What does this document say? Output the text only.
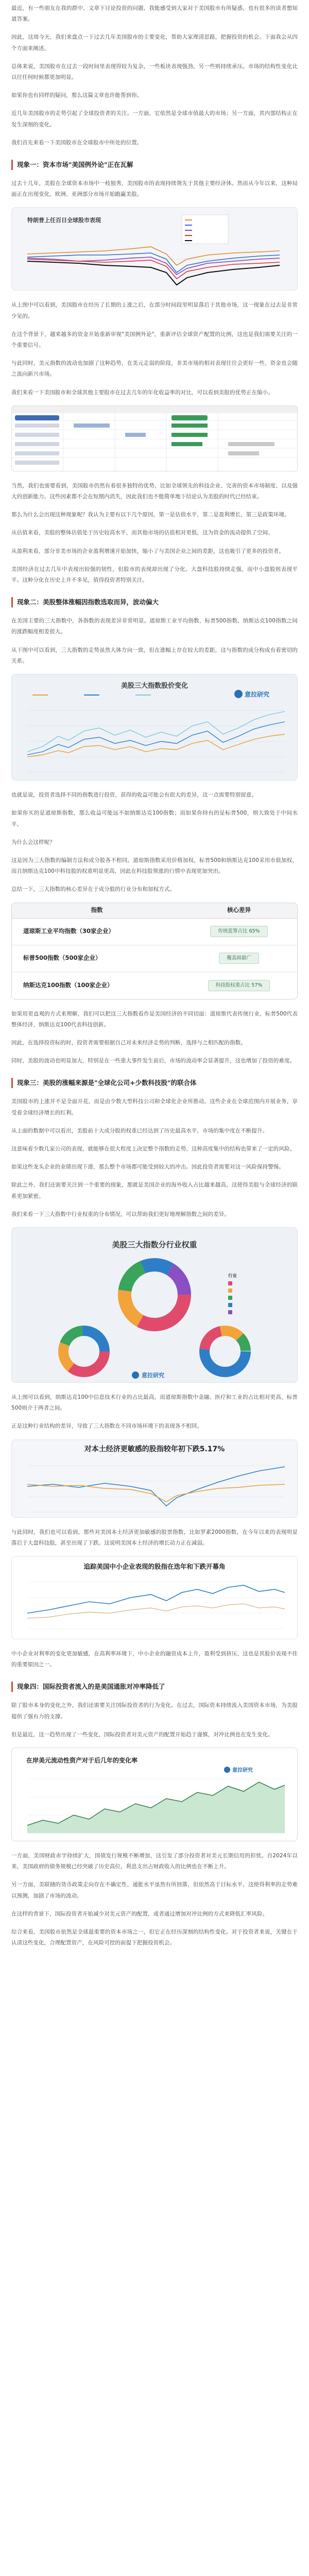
最近，有一些朋友在我的群中、文章下讨论投资的问题，我能感受到大家对于美国股市有所疑惑，也有很多的读者想知道答案。

因此，这周今天，我们来盘点一下过去几年美国股市的主要变化，帮助大家理清思路，把握投资的机会。下面我会从四个方面来阐述。

总体来说，美国股市在过去一段时间里表现得较为复杂，一些板块表现强劲，另一些则持续承压。市场的结构性变化比以往任何时候都更加明显。

如果你也有同样的疑问，那么这篇文章也许能帮到你。

近几年美国股市的走势引起了全球投资者的关注。一方面，它依然是全球市值最大的市场；另一方面，其内部结构正在发生深刻的变化。

我们首先来看一下美国股市在全球股市中所处的位置。

现象一：资本市场"美国例外论"正在瓦解

过去十几年，美股在全球资本市场中一枝独秀，美国股市的表现持续领先于其他主要经济体。然而从今年以来，这种局面正在出现变化，欧洲、亚洲部分市场开始跑赢美股。

特朗普上任百日全球股市表现

从上图中可以看到，美国股市在经历了长期的上涨之后，在部分时间段里明显落后于其他市场，这一现象在过去是非常少见的。

在这个背景下，越来越多的资金开始重新审视"美国例外论"，重新评估全球资产配置的比例，这也是我们需要关注的一个重要信号。

与此同时，美元指数的波动也加剧了这种趋势，在美元走弱的阶段，非美市场的相对表现往往会更好一些，资金也会随之流向新兴市场。

我们来看一下美国股市和全球其他主要股市在过去几年的年化收益率的对比，可以看到美股的优势正在缩小。

当然，我们也需要看到，美国股市仍然有着很多独特的优势，比如全球领先的科技企业、完善的资本市场制度、以及强大的创新能力。这些因素都不会在短期内消失，因此我们也不能简单地下结论认为美股的时代已经结束。

那么为什么会出现这种现象呢？我认为主要有以下几个原因，第一是估值水平，第二是盈利增长，第三是政策环境。

从估值来看，美股的整体估值处于历史较高水平，而其他市场的估值相对更低，这为资金的流动提供了空间。

从盈利来看，部分非美市场的企业盈利增速开始加快，缩小了与美国企业之间的差距，这也吸引了更多的投资者。

美国经济在过去几年中表现出较强的韧性，但股市的表现却出现了分化。大盘科技股持续走强，而中小盘股则表现平平。这种分化在历史上并不多见，值得投资者特别关注。

现象二：美股整体涨幅因指数选取而异，波动偏大

在美国主要的三大指数中，各指数的表现差异非常明显。道琼斯工业平均指数、标普500指数、纳斯达克100指数之间的涨跌幅度相差很大。

从下图中可以看到，三大指数的走势虽然大体方向一致，但在涨幅上存在较大的差距，这与指数的成分构成有着密切的关系。

美股三大指数股价变化
意拉研究

也就是说，投资者选择不同的指数进行投资，获得的收益可能会有很大的差异，这一点需要特别留意。

如果你买的是道琼斯指数，那么收益可能远不如纳斯达克100指数；而如果你持有的是标普500，则大致处于中间水平。

为什么会这样呢？

这是因为三大指数的编制方法和成分股各不相同。道琼斯指数采用价格加权，标普500和纳斯达克100采用市值加权，而且纳斯达克100中科技股的权重明显更高，因此在科技股领涨的行情中表现更加突出。

总结一下，三大指数的核心差异在于成分股的行业分布和加权方式。

指数	核心差异
道琼斯工业平均指数（30家企业）	传统蓝筹占比 65%
标普500指数（500家企业）	覆盖面最广
纳斯达克100指数（100家企业）	科技股权重占比 57%

如果用更直观的方式来理解，我们可以把这三大指数看作是美国经济的不同切面：道琼斯代表传统行业，标普500代表整体经济，纳斯达克100代表科技创新。

因此，在选择投资标的时，投资者需要根据自己对未来经济走势的判断，选择与之相匹配的指数。

同时，美股的波动也明显加大，特别是在一些重大事件发生前后，市场的波动率会显著提升，这也增加了投资的难度。

现象三：美股的涨幅来源是"全球化公司+少数科技股"的联合体

美国股市的上涨并不是全面开花，而是由少数大型科技公司和全球化企业所推动。这些企业在全球范围内开展业务，享受着全球经济增长的红利。

从上面的数据中可以看出，美股前十大成分股的权重已经达到了历史最高水平，市场的集中度在不断提升。

这意味着少数几家公司的表现，就能够在很大程度上决定整个指数的走势，这种高度集中的结构也带来了一定的风险。

如果这些龙头企业的业绩出现下滑，那么整个市场都可能受到较大的冲击。因此投资者需要对这一风险保持警惕。

除此之外，我们还需要关注到一个重要的现象，那就是美国企业的海外收入占比越来越高，这使得美股与全球经济的联系更加紧密。

我们来看一下三大指数中行业权重的分布情况，可以帮助我们更好地理解指数之间的差异。

美股三大指数分行业权重
行业
意拉研究

从上图可以看到，纳斯达克100中信息技术行业的占比最高，而道琼斯指数中金融、医疗和工业的占比相对更高，标普500则介于两者之间。

正是这种行业结构的差异，导致了三大指数在不同市场环境下的表现各不相同。

对本土经济更敏感的股指较年初下跌5.17%

与此同时，我们也可以看到，那些对美国本土经济更加敏感的股票指数，比如罗素2000指数，在今年以来的表现明显落后于大盘科技股，甚至出现了下跌。这说明美国本土经济的增长动力正在减弱。

追踪美国中小企业表现的股指在迭年和下跌开幕角

中小企业对利率的变化更加敏感，在高利率环境下，中小企业的融资成本上升，盈利受到挤压，这也是其股价表现不佳的重要原因之一。

现象四：国际投资者流入的是美国通胀对冲率降低了

除了股市本身的变化之外，我们还需要关注国际投资者的行为变化。在过去，国际资本持续流入美国资本市场，为美股提供了强有力的支撑。

但是最近，这一趋势出现了一些变化，国际投资者对美元资产的配置开始趋于谨慎，对冲比例也在发生变化。

在岸美元流动性资产对于后几年的变化率
意拉研究

一方面，美国财政赤字持续扩大，国债发行规模不断增加，这引发了部分投资者对美元长期信用的担忧。自2024年以来，美国政府的债务规模已经突破了历史高位，利息支出占财政收入的比例也在不断上升。

另一方面，美联储的货币政策走向存在不确定性，通胀水平虽然有所回落，但依然高于目标水平，这使得利率的走势难以预测，加剧了市场的波动。

在这样的背景下，国际投资者开始减少对美元资产的配置，或者通过增加对冲比例的方式来降低汇率风险。

综合来看，美国股市依然是全球最重要的资本市场之一，但它正在经历深刻的结构性变化。对于投资者来说，关键在于认清这些变化，合理配置资产，在风险可控的前提下把握投资机会。
